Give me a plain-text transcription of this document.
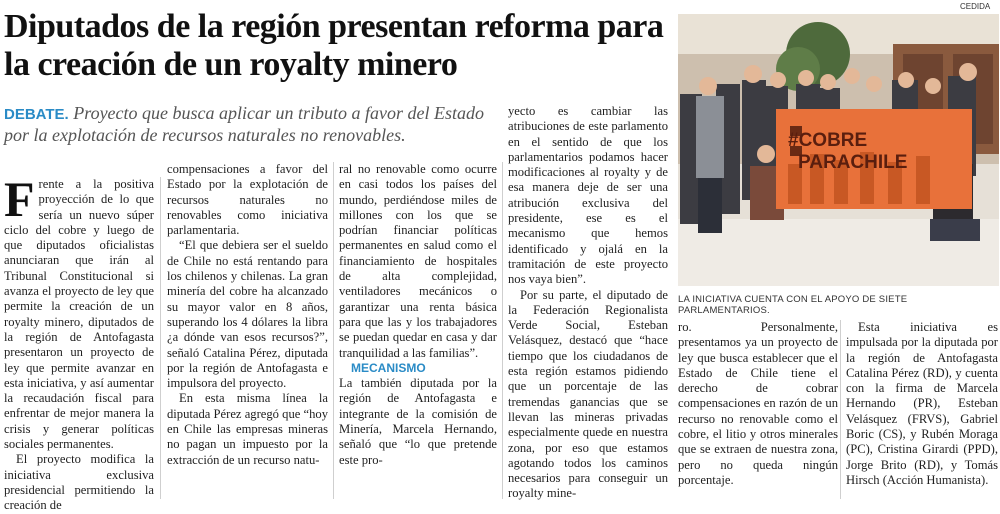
Diputados de la región presentan reforma para la creación de un royalty minero

DEBATE. Proyecto que busca aplicar un tributo a favor del Estado por la explotación de recursos naturales no renovables.

Frente a la positiva proyección de lo que sería un nuevo súper ciclo del cobre y luego de que diputados oficialistas anunciaran que irán al Tribunal Constitucional si avanza el proyecto de ley que permite la creación de un royalty minero, diputados de la región de Antofagasta presentaron un proyecto de ley que permite avanzar en esta iniciativa, y así aumentar la recaudación fiscal para enfrentar de mejor manera la crisis y generar políticas sociales permanentes.

El proyecto modifica la iniciativa exclusiva presidencial permitiendo la creación de

compensaciones a favor del Estado por la explotación de recursos naturales no renovables como iniciativa parlamentaria.

“El que debiera ser el sueldo de Chile no está rentando para los chilenos y chilenas. La gran minería del cobre ha alcanzado su mayor valor en 8 años, superando los 4 dólares la libra ¿a dónde van esos recursos?”, señaló Catalina Pérez, diputada por la región de Antofagasta e impulsora del proyecto.

En esta misma línea la diputada Pérez agregó que “hoy en Chile las empresas mineras no pagan un impuesto por la extracción de un recurso natu-

ral no renovable como ocurre en casi todos los países del mundo, perdiéndose miles de millones con los que se podrían financiar políticas permanentes en salud como el financiamiento de hospitales de alta complejidad, ventiladores mecánicos o garantizar una renta básica para que las y los trabajadores se puedan quedar en casa y dar tranquilidad a las familias”.

MECANISMO

La también diputada por la región de Antofagasta e integrante de la comisión de Minería, Marcela Hernando, señaló que “lo que pretende este pro-

yecto es cambiar las atribuciones de este parlamento en el sentido de que los parlamentarios podamos hacer modificaciones al royalty y de esa manera deje de ser una atribución exclusiva del presidente, ese es el mecanismo que hemos identificado y ojalá en la tramitación de este proyecto nos vaya bien”.

Por su parte, el diputado de la Federación Regionalista Verde Social, Esteban Velásquez, destacó que “hace tiempo que los ciudadanos de esta región estamos pidiendo que un porcentaje de las tremendas ganancias que se llevan las mineras privadas especialmente quede en nuestra zona, por eso que estamos agotando todos los caminos necesarios para conseguir un royalty mine-

ro. Personalmente, presentamos ya un proyecto de ley que busca establecer que el Estado de Chile tiene el derecho de cobrar compensaciones en razón de un recurso no renovable como el cobre, el litio y otros minerales que se extraen de nuestra zona, pero no queda ningún porcentaje.

Esta iniciativa es impulsada por la diputada por la región de Antofagasta Catalina Pérez (RD), y cuenta con la firma de Marcela Hernando (PR), Esteban Velásquez (FRVS), Gabriel Boric (CS), y Rubén Moraga (PC), Cristina Girardi (PPD), Jorge Brito (RD), y Tomás Hirsch (Acción Humanista).

CEDIDA
#COBRE
PARACHILE
LA INICIATIVA CUENTA CON EL APOYO DE SIETE PARLAMENTARIOS.
